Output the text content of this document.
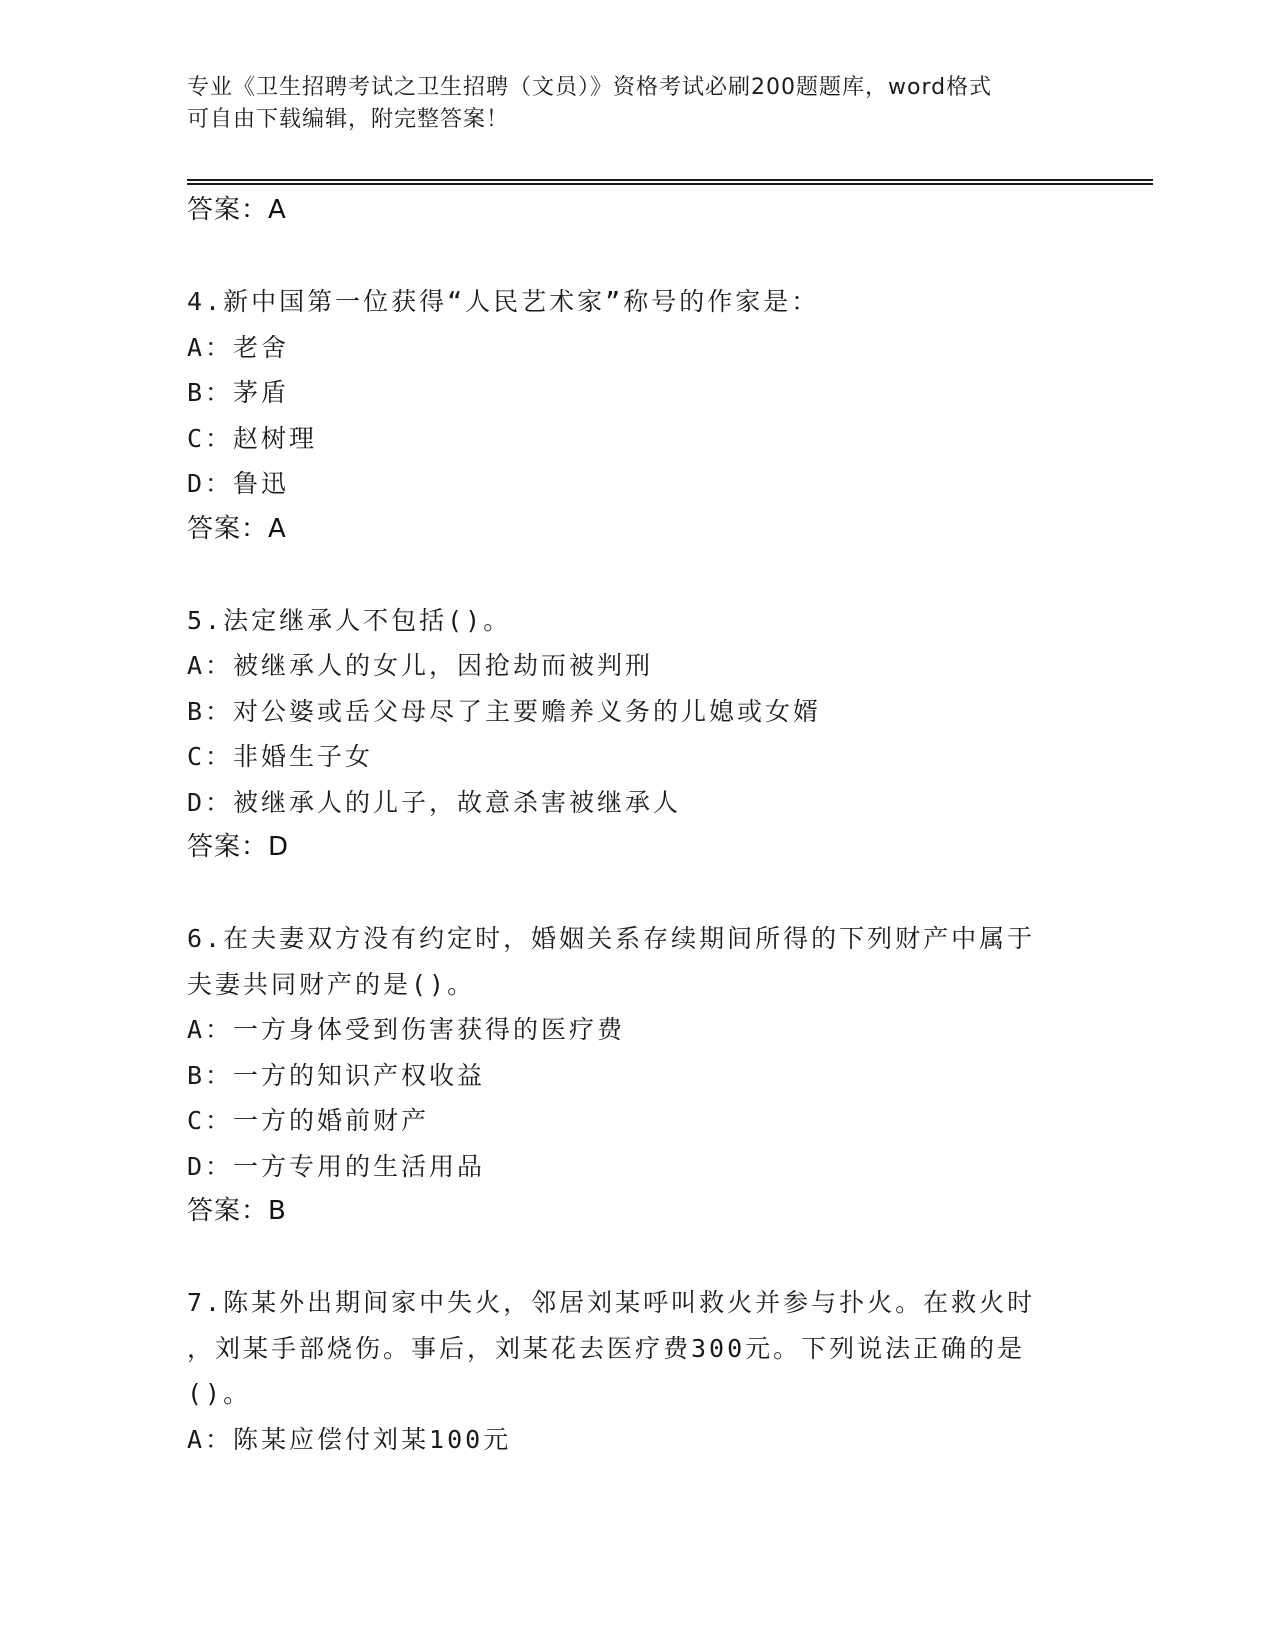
专业《卫生招聘考试之卫生招聘（文员）》资格考试必刷200题题库，word格式
可自由下载编辑，附完整答案！
答案：A
4.新中国第一位获得“人民艺术家”称号的作家是：
A：老舍
B：茅盾
C：赵树理
D：鲁迅
答案：A
5.法定继承人不包括()。
A：被继承人的女儿，因抢劫而被判刑
B：对公婆或岳父母尽了主要赡养义务的儿媳或女婿
C：非婚生子女
D：被继承人的儿子，故意杀害被继承人
答案：D
6.在夫妻双方没有约定时，婚姻关系存续期间所得的下列财产中属于
夫妻共同财产的是()。
A：一方身体受到伤害获得的医疗费
B：一方的知识产权收益
C：一方的婚前财产
D：一方专用的生活用品
答案：B
7.陈某外出期间家中失火，邻居刘某呼叫救火并参与扑火。在救火时
，刘某手部烧伤。事后，刘某花去医疗费300元。下列说法正确的是
()。
A：陈某应偿付刘某100元
